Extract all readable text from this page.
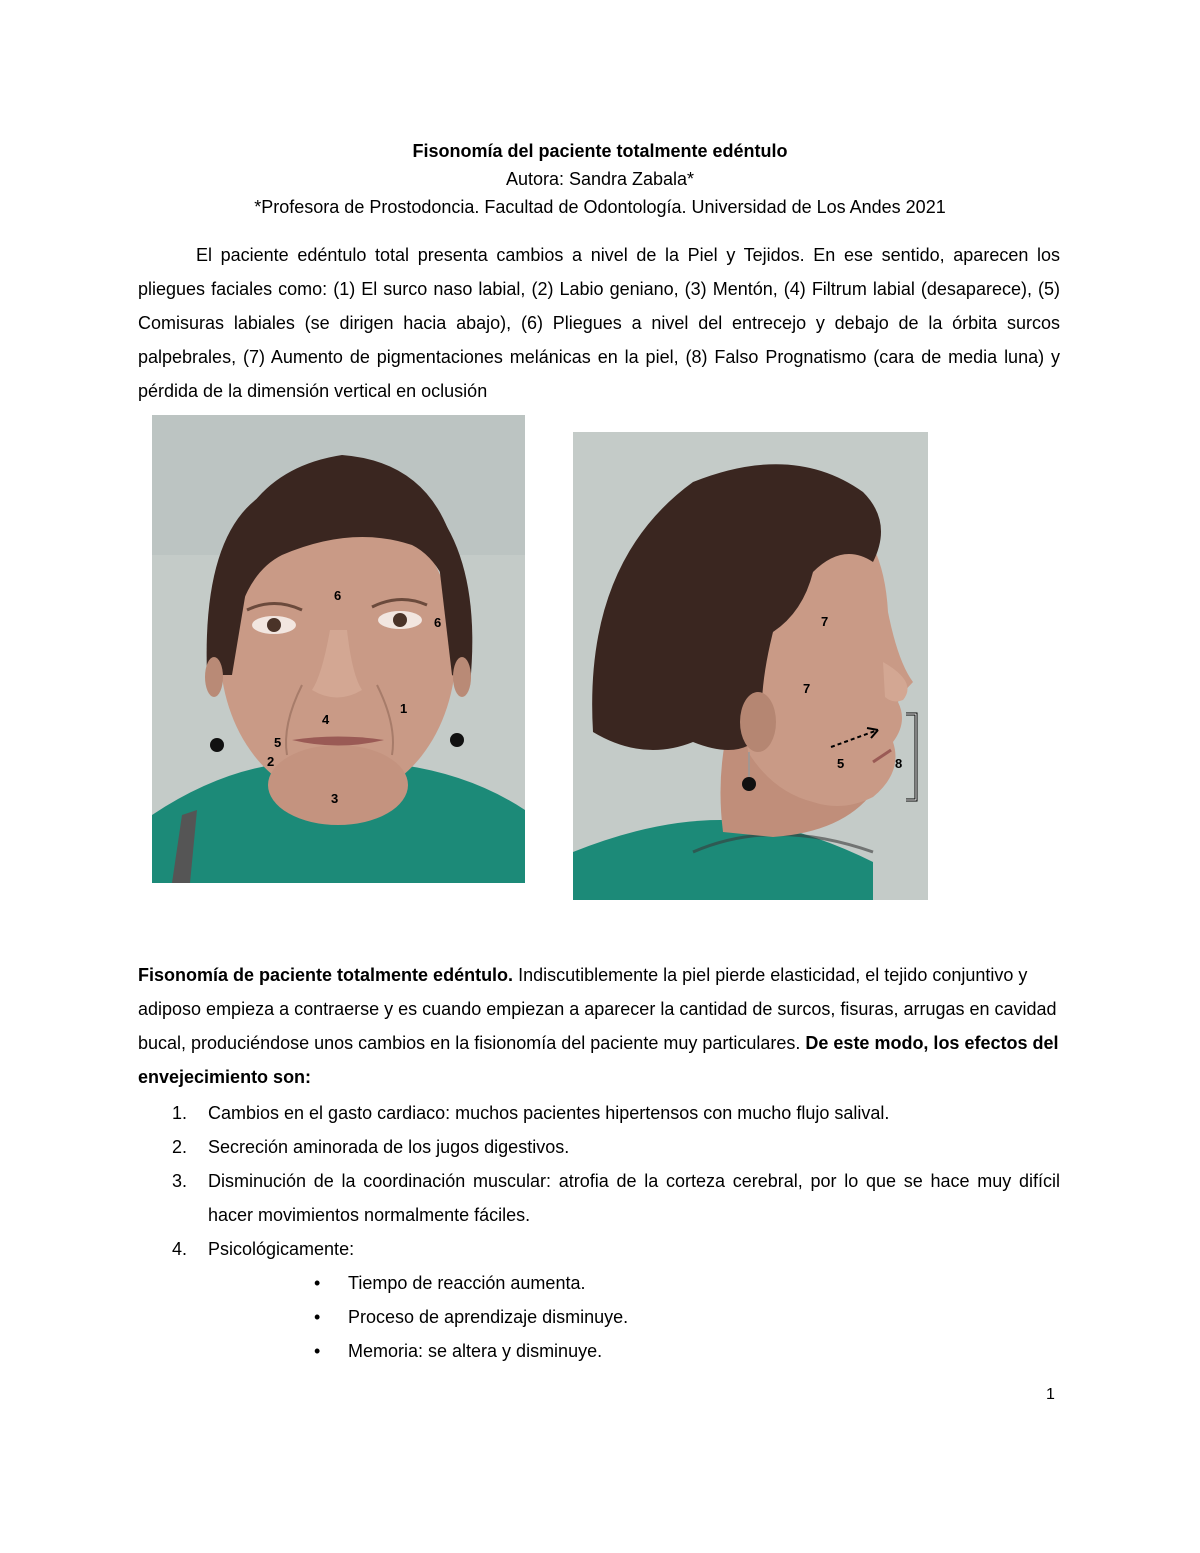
Fisonomía del paciente totalmente edéntulo
Autora: Sandra Zabala*
*Profesora de Prostodoncia. Facultad de Odontología. Universidad de Los Andes 2021

El paciente edéntulo total presenta cambios a nivel de la Piel y Tejidos. En ese sentido, aparecen los pliegues faciales como: (1) El surco naso labial, (2) Labio geniano, (3) Mentón, (4) Filtrum labial (desaparece), (5) Comisuras labiales (se dirigen hacia abajo), (6) Pliegues a nivel del entrecejo y debajo de la órbita surcos palpebrales, (7) Aumento de pigmentaciones melánicas en la piel, (8) Falso Prognatismo (cara de media luna) y pérdida de la dimensión vertical en oclusión

6
6
1
4
5
2
3
7
7
5	8

Fisonomía de paciente totalmente edéntulo. Indiscutiblemente la piel pierde elasticidad, el tejido conjuntivo y adiposo empieza a contraerse y es cuando empiezan a aparecer la cantidad de surcos, fisuras, arrugas en cavidad bucal, produciéndose unos cambios en la fisionomía del paciente muy particulares. De este modo, los efectos del envejecimiento son:

1. Cambios en el gasto cardiaco: muchos pacientes hipertensos con mucho flujo salival.
2. Secreción aminorada de los jugos digestivos.
3. Disminución de la coordinación muscular: atrofia de la corteza cerebral, por lo que se hace muy difícil hacer movimientos normalmente fáciles.
4. Psicológicamente:
• Tiempo de reacción aumenta.
• Proceso de aprendizaje disminuye.
• Memoria: se altera y disminuye.
1
